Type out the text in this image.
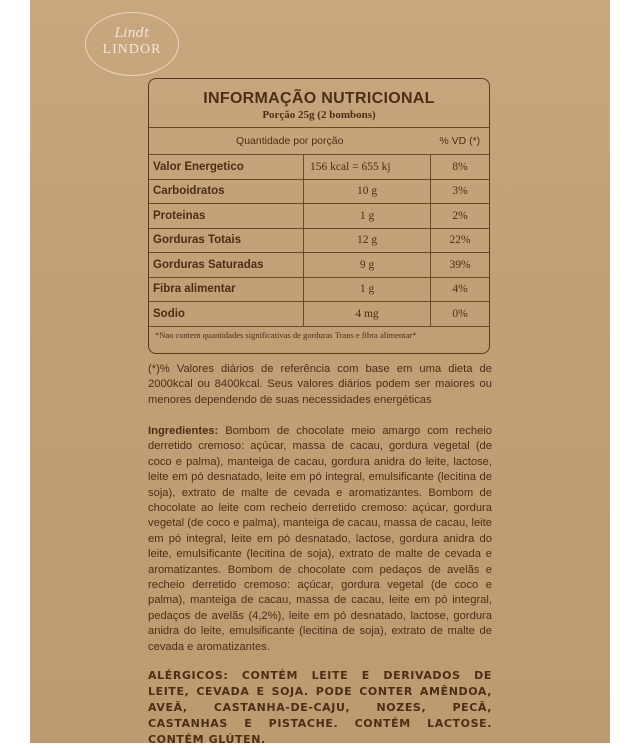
Lindt
LINDOR
INFORMAÇÃO NUTRICIONAL
Porção 25g (2 bombons)
Quantidade por porção		% VD (*)
Valor Energetico	156 kcal = 655 kj	8%
Carboidratos	10 g	3%
Proteinas	1 g	2%
Gorduras Totais	12 g	22%
Gorduras Saturadas	9 g	39%
Fibra alimentar	1 g	4%
Sodio	4 mg	0%
*Nao contem quantidades significativas de gorduras Trans e fibra alimentar*
(*)% Valores diários de referência com base em uma dieta de 2000kcal ou 8400kcal. Seus valores diários podem ser maiores ou menores dependendo de suas necessidades energéticas
Ingredientes: Bombom de chocolate meio amargo com recheio derretido cremoso: açúcar, massa de cacau, gordura vegetal (de coco e palma), manteiga de cacau, gordura anidra do leite, lactose, leite em pó desnatado, leite em pó integral, emulsificante (lecitina de soja), extrato de malte de cevada e aromatizantes. Bombom de chocolate ao leite com recheio derretido cremoso: açúcar, gordura vegetal (de coco e palma), manteiga de cacau, massa de cacau, leite em pó integral, leite em pó desnatado, lactose, gordura anidra do leite, emulsificante (lecitina de soja), extrato de malte de cevada e aromatizantes. Bombom de chocolate com pedaços de avelãs e recheio derretido cremoso: açúcar, gordura vegetal (de coco e palma), manteiga de cacau, massa de cacau, leite em pó integral, pedaços de avelãs (4,2%), leite em pó desnatado, lactose, gordura anidra do leite, emulsificante (lecitina de soja), extrato de malte de cevada e aromatizantes.
ALÉRGICOS: CONTÉM LEITE E DERIVADOS DE LEITE, CEVADA E SOJA. PODE CONTER AMÊNDOA, AVEÃ, CASTANHA-DE-CAJU, NOZES, PECÃ, CASTANHAS E PISTACHE. CONTÉM LACTOSE. CONTÉM GLÚTEN.
